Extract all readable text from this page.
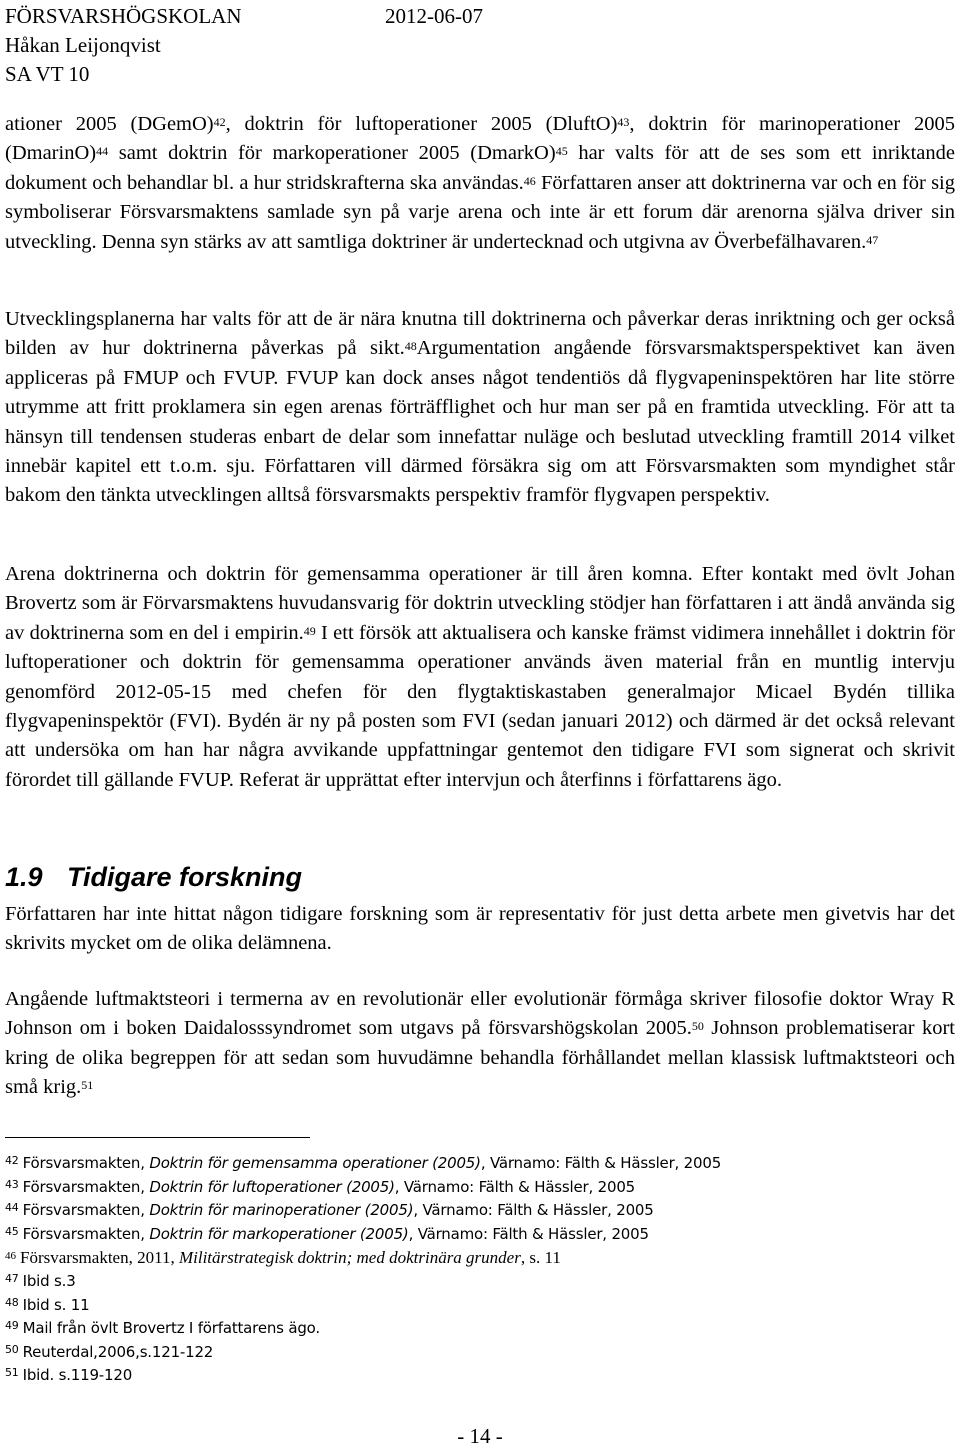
FÖRSVARSHÖGSKOLAN	2012-06-07
Håkan Leijonqvist
SA VT 10

ationer 2005 (DGemO)$^{42}$, doktrin för luftoperationer 2005 (DluftO)$^{43}$, doktrin för marinoperationer 2005 (DmarinO)$^{44}$ samt doktrin för markoperationer 2005 (DmarkO)$^{45}$ har valts för att de ses som ett inriktande dokument och behandlar bl. a hur stridskrafterna ska användas.$^{46}$ Författaren anser att doktrinerna var och en för sig symboliserar Försvarsmaktens samlade syn på varje arena och inte är ett forum där arenorna själva driver sin utveckling. Denna syn stärks av att samtliga doktriner är undertecknad och utgivna av Överbefälhavaren.$^{47}$

Utvecklingsplanerna har valts för att de är nära knutna till doktrinerna och påverkar deras inriktning och ger också bilden av hur doktrinerna påverkas på sikt.$^{48}$Argumentation angående försvarsmaktsperspektivet kan även appliceras på FMUP och FVUP. FVUP kan dock anses något tendentiös då flygvapeninspektören har lite större utrymme att fritt proklamera sin egen arenas förträfflighet och hur man ser på en framtida utveckling. För att ta hänsyn till tendensen studeras enbart de delar som innefattar nuläge och beslutad utveckling framtill 2014 vilket innebär kapitel ett t.o.m. sju. Författaren vill därmed försäkra sig om att Försvarsmakten som myndighet står bakom den tänkta utvecklingen alltså försvarsmakts perspektiv framför flygvapen perspektiv.

Arena doktrinerna och doktrin för gemensamma operationer är till åren komna. Efter kontakt med övlt Johan Brovertz som är Förvarsmaktens huvudansvarig för doktrin utveckling stödjer han författaren i att ändå använda sig av doktrinerna som en del i empirin.$^{49}$ I ett försök att aktualisera och kanske främst vidimera innehållet i doktrin för luftoperationer och doktrin för gemensamma operationer används även material från en muntlig intervju genomförd 2012-05-15 med chefen för den flygtaktiskastaben generalmajor Micael Bydén tillika flygvapeninspektör (FVI). Bydén är ny på posten som FVI (sedan januari 2012) och därmed är det också relevant att undersöka om han har några avvikande uppfattningar gentemot den tidigare FVI som signerat och skrivit förordet till gällande FVUP. Referat är upprättat efter intervjun och återfinns i författarens ägo.

1.9 Tidigare forskning

Författaren har inte hittat någon tidigare forskning som är representativ för just detta arbete men givetvis har det skrivits mycket om de olika delämnena.

Angående luftmaktsteori i termerna av en revolutionär eller evolutionär förmåga skriver filosofie doktor Wray R Johnson om i boken Daidalosssyndromet som utgavs på försvarshögskolan 2005.50 Johnson problematiserar kort kring de olika begreppen för att sedan som huvudämne behandla förhållandet mellan klassisk luftmaktsteori och små krig.$^{51}$

$^{42}$ Försvarsmakten, Doktrin för gemensamma operationer (2005), Värnamo: Fälth & Hässler, 2005
$^{43}$ Försvarsmakten, Doktrin för luftoperationer (2005), Värnamo: Fälth & Hässler, 2005
$^{44}$ Försvarsmakten, Doktrin för marinoperationer (2005), Värnamo: Fälth & Hässler, 2005
$^{45}$ Försvarsmakten, Doktrin för markoperationer (2005), Värnamo: Fälth & Hässler, 2005
$^{46}$ Försvarsmakten, 2011, Militärstrategisk doktrin; med doktrinära grunder, s. 11
$^{47}$ Ibid s.3
$^{48}$ Ibid s. 11
$^{49}$ Mail från övlt Brovertz I författarens ägo.
$^{50}$ Reuterdal,2006,s.121-122
$^{51}$ Ibid. s.119-120
- 14 -
